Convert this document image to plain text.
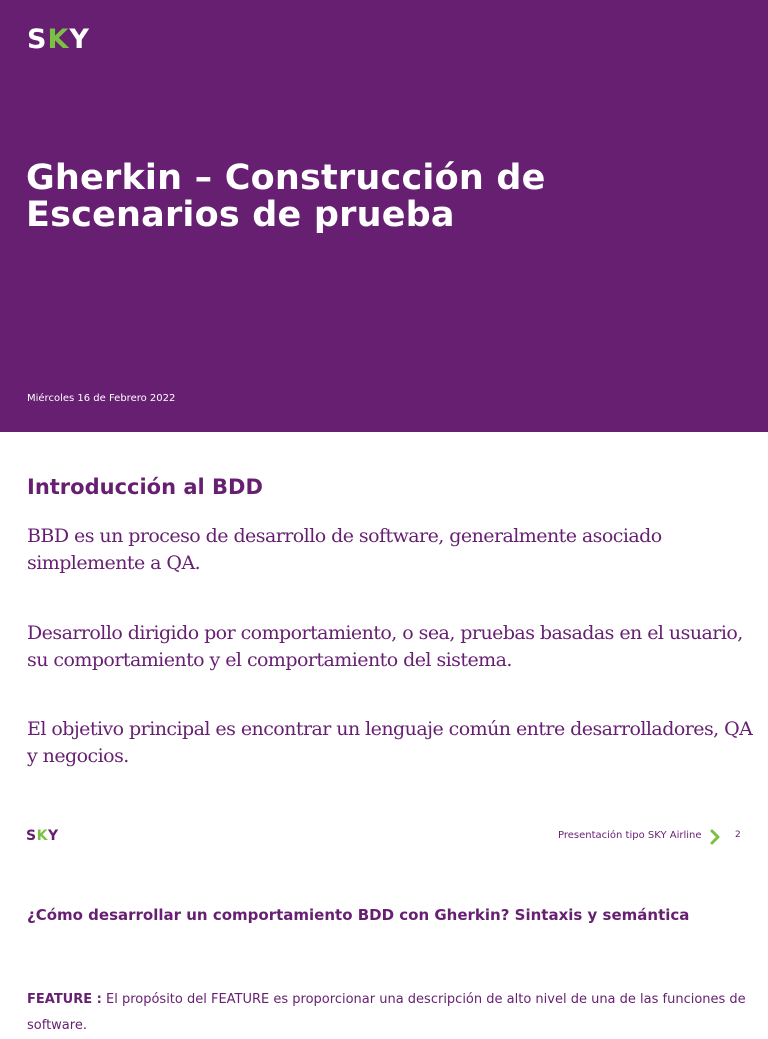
SKY
Gherkin – Construcción de
Escenarios de prueba
Miércoles 16 de Febrero 2022
Introducción al BDD
BBD es un proceso de desarrollo de software, generalmente asociado
simplemente a QA.
Desarrollo dirigido por comportamiento, o sea, pruebas basadas en el usuario,
su comportamiento y el comportamiento del sistema.
El objetivo principal es encontrar un lenguaje común entre desarrolladores, QA
y negocios.
SKY	Presentación tipo SKY Airline	2
¿Cómo desarrollar un comportamiento BDD con Gherkin? Sintaxis y semántica
FEATURE : El propósito del FEATURE es proporcionar una descripción de alto nivel de una de las funciones de
software.
